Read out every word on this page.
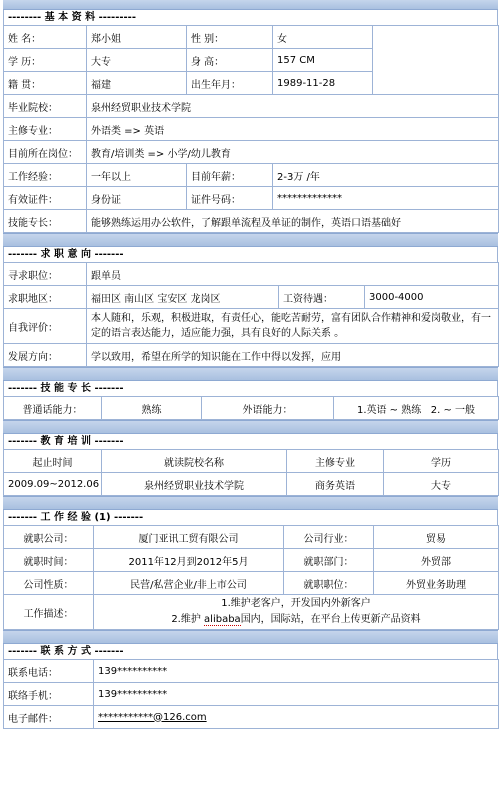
-------- 基 本 资 料 ---------
姓 名：	郑小姐	性 别：	女	
学 历：	大专	身 高：	157 CM	
籍 贯：	福建	出生年月：	1989-11-28	
毕业院校：	泉州经贸职业技术学院			
主修专业：	外语类 => 英语			
目前所在岗位：	教育/培训类 => 小学/幼儿教育			
工作经验：	一年以上	目前年薪：	2-3万 /年	
有效证件：	身份证	证件号码：	*************	
技能专长：	能够熟练运用办公软件，了解跟单流程及单证的制作，英语口语基础好			
------- 求 职 意 向 -------
寻求职位：	跟单员		
求职地区：	福田区 南山区 宝安区 龙岗区	工资待遇：	3000-4000
自我评价：	本人随和，乐观，积极进取，有责任心，能吃苦耐劳，富有团队合作精神和爱岗敬业，有一定的语言表达能力，适应能力强，具有良好的人际关系 。		
发展方向：	学以致用，希望在所学的知识能在工作中得以发挥，应用		
------- 技 能 专 长 -------
普通话能力：	熟练	外语能力：	1.英语 ~ 熟练   2. ~ 一般
------- 教 育 培 训 -------
起止时间	就读院校名称	主修专业	学历
2009.09~2012.06	泉州经贸职业技术学院	商务英语	大专
------- 工 作 经 验 (1) -------
就职公司：	厦门亚讯工贸有限公司	公司行业：	贸易
就职时间：	2011年12月到2012年5月	就职部门：	外贸部
公司性质：	民营/私营企业/非上市公司	就职职位：	外贸业务助理
工作描述：	1.维护老客户，开发国内外新客户
2.维护 alibaba国内，国际站，在平台上传更新产品资料		
------- 联 系 方 式 -------
联系电话：	139**********
联络手机：	139**********
电子邮件：	***********@126.com
